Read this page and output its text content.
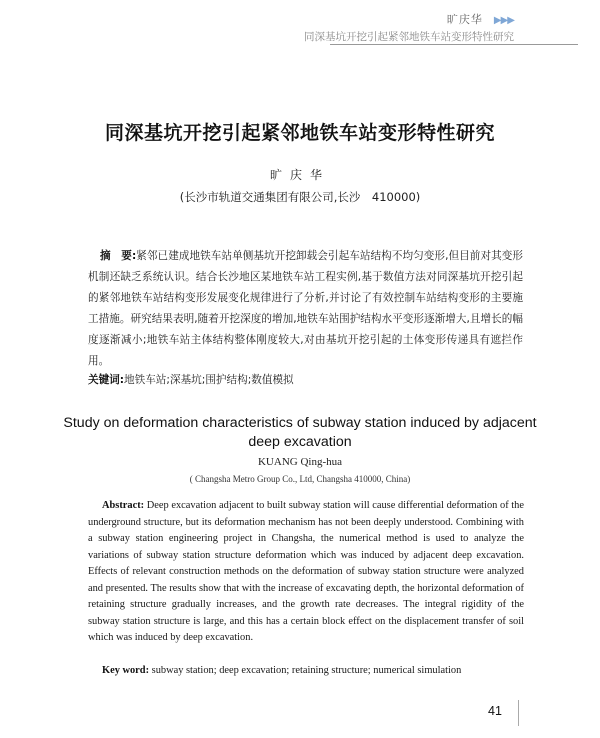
旷庆华 ▶▶▶
同深基坑开挖引起紧邻地铁车站变形特性研究
同深基坑开挖引起紧邻地铁车站变形特性研究
旷庆华
(长沙市轨道交通集团有限公司,长沙　410000)
摘　要:紧邻已建成地铁车站单侧基坑开挖卸载会引起车站结构不均匀变形,但目前对其变形机制还缺乏系统认识。结合长沙地区某地铁车站工程实例,基于数值方法对同深基坑开挖引起的紧邻地铁车站结构变形发展变化规律进行了分析,并讨论了有效控制车站结构变形的主要施工措施。研究结果表明,随着开挖深度的增加,地铁车站围护结构水平变形逐渐增大,且增长的幅度逐渐减小;地铁车站主体结构整体刚度较大,对由基坑开挖引起的土体变形传递具有遮拦作用。
关键词:地铁车站;深基坑;围护结构;数值模拟
Study on deformation characteristics of subway station induced by adjacent deep excavation
KUANG Qing-hua
( Changsha Metro Group Co., Ltd, Changsha 410000, China)
Abstract: Deep excavation adjacent to built subway station will cause differential deformation of the underground structure, but its deformation mechanism has not been deeply understood. Combining with a subway station engineering project in Changsha, the numerical method is used to analyze the variations of subway station structure deformation which was induced by adjacent deep excavation. Effects of relevant construction methods on the deformation of subway station structure were analyzed and presented. The results show that with the increase of excavating depth, the horizontal deformation of retaining structure gradually increases, and the growth rate decreases. The integral rigidity of the subway station structure is large, and this has a certain block effect on the displacement transfer of soil which was induced by deep excavation.
Key word: subway station; deep excavation; retaining structure; numerical simulation
41
